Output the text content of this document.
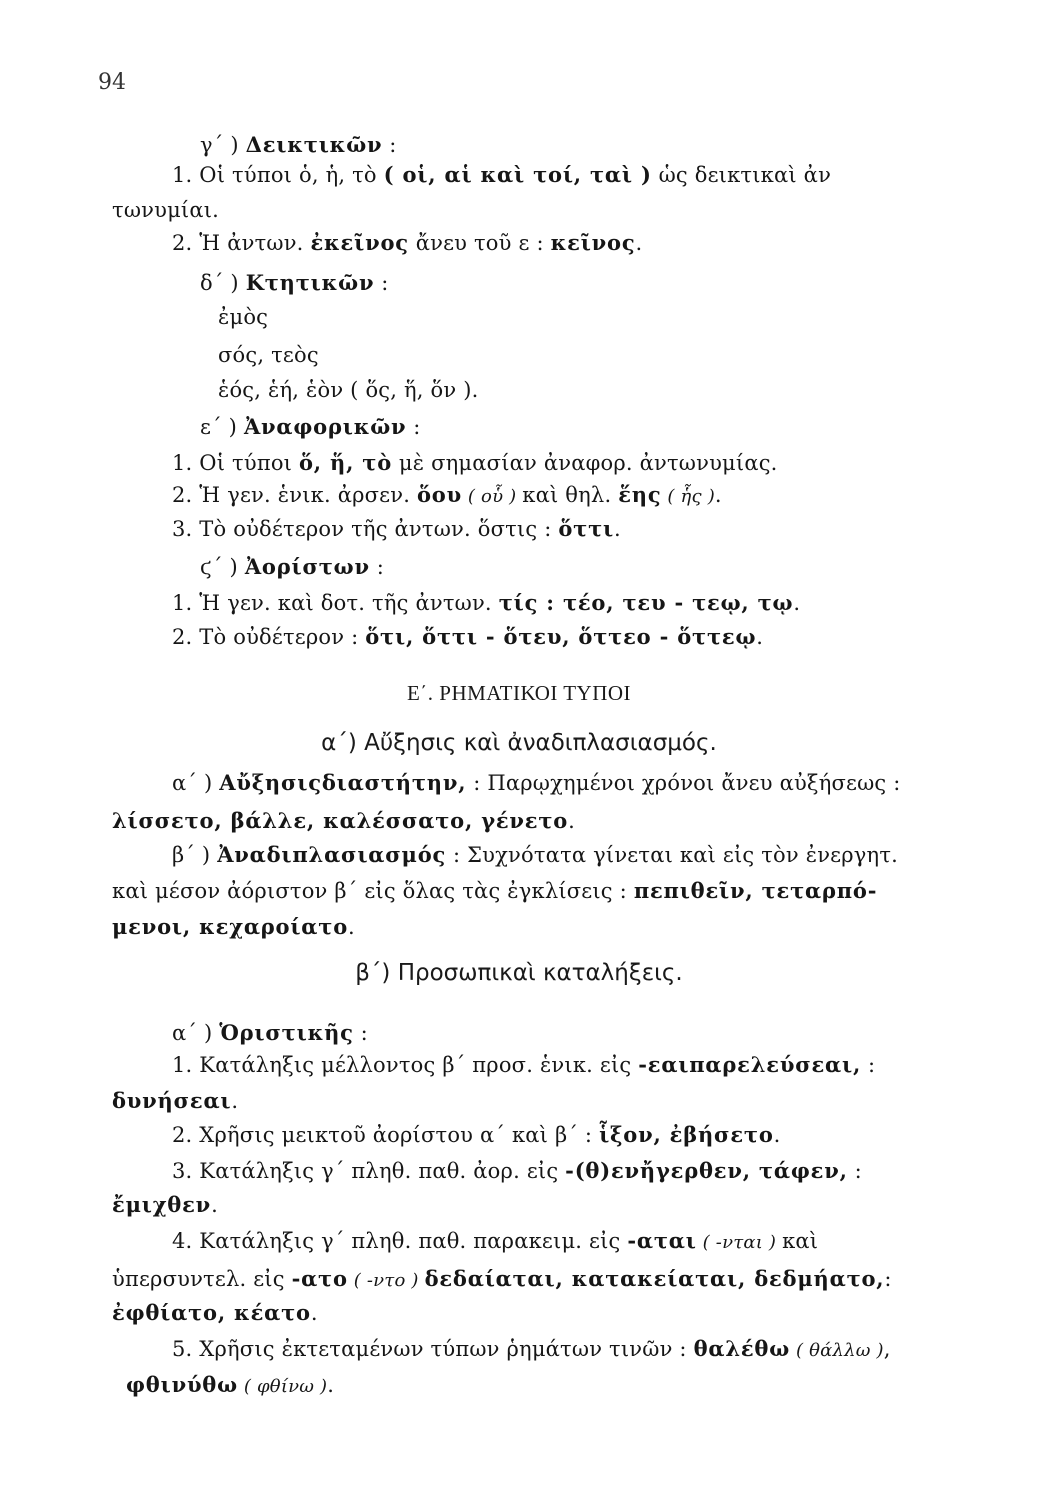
94
γ΄ ) Δεικτικῶν :
1. Οἱ τύποι ὁ, ἡ, τὸ ( οἱ, αἱ καὶ τοί, ταὶ ) ὡς δεικτικαὶ ἀν
τωνυμίαι.
2. Ἡ ἀντων. ἐκεῖνος ἄνευ τοῦ ε : κεῖνος.
δ΄ ) Κτητικῶν :
ἐμὸς
σός, τεὸς
ἑός, ἑή, ἑὸν ( ὅς, ἥ, ὅν ).
ε΄ ) Ἀναφορικῶν :
1. Οἱ τύποι ὅ, ἥ, τὸ μὲ σημασίαν ἀναφορ. ἀντωνυμίας.
2. Ἡ γεν. ἑνικ. ἀρσεν. ὅου ( οὗ ) καὶ θηλ. ἕης ( ἧς ).
3. Τὸ οὐδέτερον τῆς ἀντων. ὅστις : ὅττι.
ϛ΄ ) Ἀορίστων :
1. Ἡ γεν. καὶ δοτ. τῆς ἀντων. τίς : τέο, τευ - τεῳ, τῳ.
2. Τὸ οὐδέτερον : ὅτι, ὅττι - ὅτευ, ὅττεο - ὅττεῳ.
Ε΄. ΡΗΜΑΤΙΚΟΙ ΤΥΠΟΙ
α΄) Αὔξησις καὶ ἀναδιπλασιασμός.
α΄ ) Αὔξησιςδιαστήτην, : Παρῳχημένοι χρόνοι ἄνευ αὐξήσεως :
λίσσετο, βάλλε, καλέσσατο, γένετο.
β΄ ) Ἀναδιπλασιασμός : Συχνότατα γίνεται καὶ εἰς τὸν ἐνεργητ.
καὶ μέσον ἀόριστον β΄ εἰς ὅλας τὰς ἐγκλίσεις : πεπιθεῖν, τεταρπό-
μενοι, κεχαροίατο.
β΄) Προσωπικαὶ καταλήξεις.
α΄ ) Ὁριστικῆς :
1. Κατάληξις μέλλοντος β΄ προσ. ἑνικ. εἰς -εαιπαρελεύσεαι, :
δυνήσεαι.
2. Χρῆσις μεικτοῦ ἀορίστου α΄ καὶ β΄ : ἷξον, ἐβήσετο.
3. Κατάληξις γ΄ πληθ. παθ. ἀορ. εἰς -(θ)ενἤγερθεν, τάφεν, :
ἔμιχθεν.
4. Κατάληξις γ΄ πληθ. παθ. παρακειμ. εἰς -αται ( -νται ) καὶ
ὑπερσυντελ. εἰς -ατο ( -ντο ) δεδαίαται, κατακείαται, δεδμήατο,:
ἐφθίατο, κέατο.
5. Χρῆσις ἐκτεταμένων τύπων ῥημάτων τινῶν : θαλέθω ( θάλλω ),
φθινύθω ( φθίνω ).
